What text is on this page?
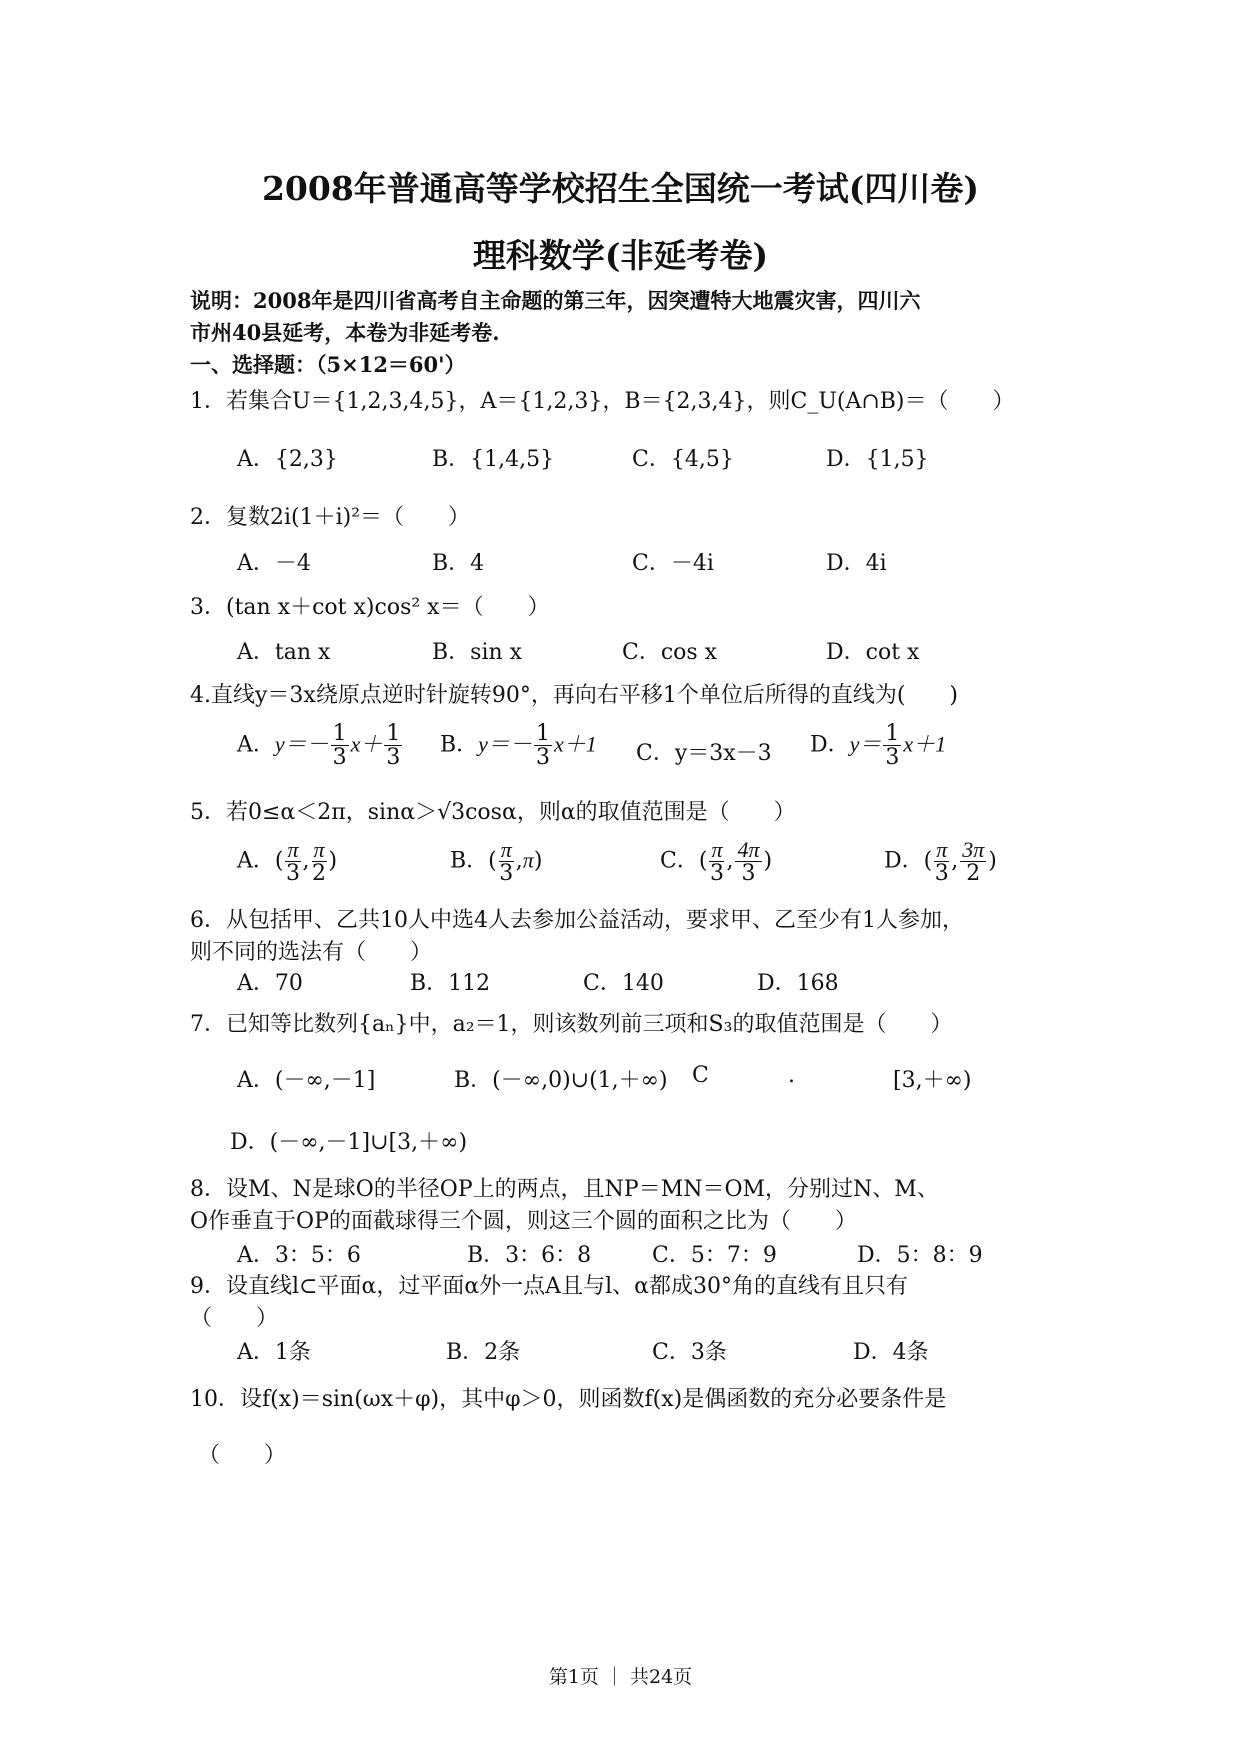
2008年普通高等学校招生全国统一考试(四川卷)
理科数学(非延考卷)
说明：2008年是四川省高考自主命题的第三年，因突遭特大地震灾害，四川六
市州40县延考，本卷为非延考卷.
一、选择题：（5×12＝60'）
1．若集合U＝{1,2,3,4,5}，A＝{1,2,3}，B＝{2,3,4}，则C_U(A∩B)＝（　　）
A．{2,3}	B．{1,4,5}	C．{4,5}	D．{1,5}
2．复数2i(1＋i)²＝（　　）
A．－4	B．4	C．－4i	D．4i
3．(tan x＋cot x)cos² x＝（　　）
A．tan x	B．sin x	C．cos x	D．cot x
4.直线y＝3x绕原点逆时针旋转90°，再向右平移1个单位后所得的直线为(　　)
A．$y=- \frac{1}{3} x+ \frac{1}{3}$ B．$y=- \frac{1}{3} x+1$ C．y＝3x－3 D．$y= \frac{1}{3} x+1$
5．若0≤α＜2π，sinα＞√3cosα，则α的取值范围是（　　）
A．( $\frac{\pi}{3}$ , $\frac{\pi}{2}$ )	B．( $\frac{\pi}{3} ,\pi$)	C．( $\frac{\pi}{3}$ , $\frac{4\pi}{3}$ )	D．( $\frac{\pi}{3}$ , $\frac{3\pi}{2}$ )
6．从包括甲、乙共10人中选4人去参加公益活动，要求甲、乙至少有1人参加，
则不同的选法有（　　）
A．70	B．112	C．140	D．168
7．已知等比数列{aₙ}中，a₂＝1，则该数列前三项和S₃的取值范围是（　　）
A．(－∞,－1]	B．(－∞,0)∪(1,＋∞) C	.	[3,＋∞)
D．(－∞,－1]∪[3,＋∞)
8．设M、N是球O的半径OP上的两点，且NP＝MN＝OM，分别过N、M、
O作垂直于OP的面截球得三个圆，则这三个圆的面积之比为（　　）
A．3：5：6	B．3：6：8	C．5：7：9	D．5：8：9
9．设直线l⊂平面α，过平面α外一点A且与l、α都成30°角的直线有且只有
（　　）
A．1条	B．2条	C．3条	D．4条
10．设f(x)＝sin(ωx＋φ)，其中φ＞0，则函数f(x)是偶函数的充分必要条件是
（　　）
第1页 ｜ 共24页
